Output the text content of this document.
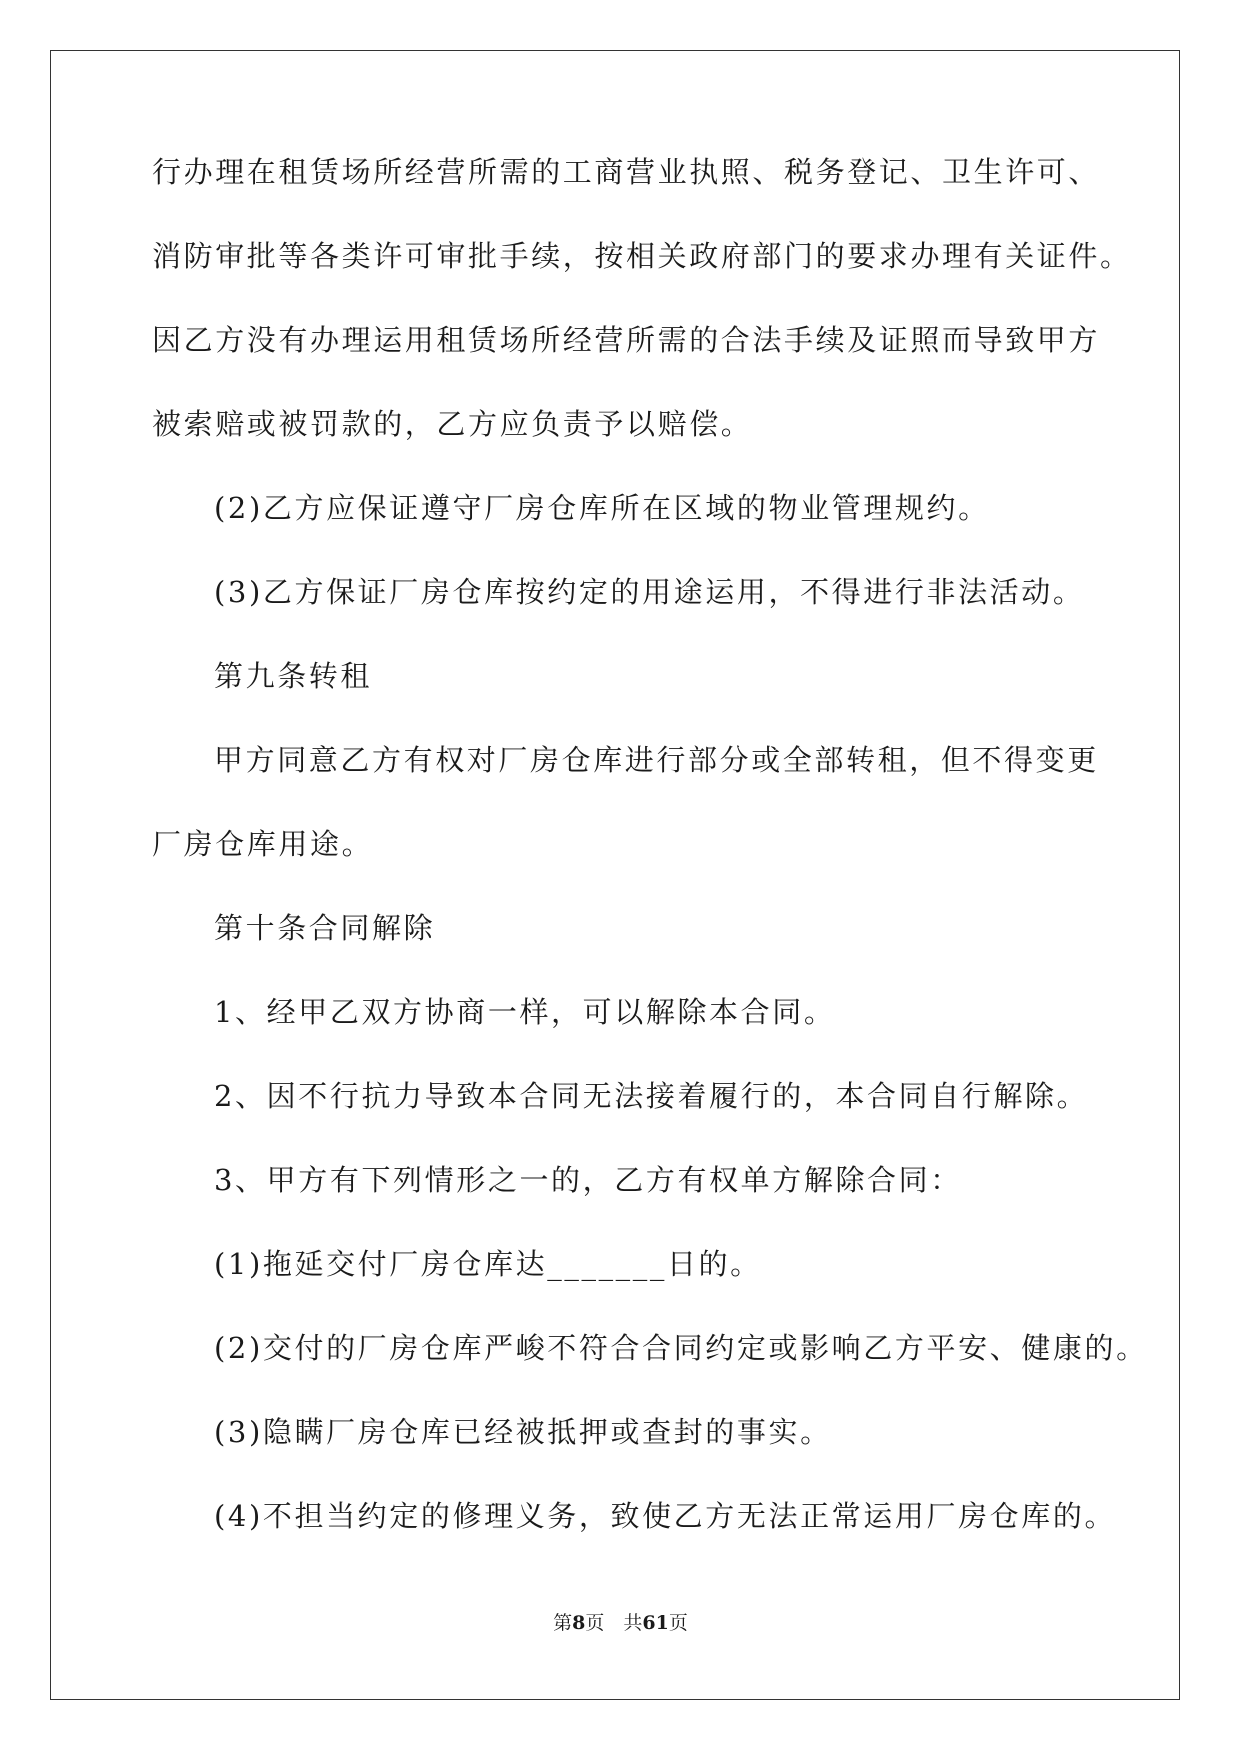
行办理在租赁场所经营所需的工商营业执照、税务登记、卫生许可、
消防审批等各类许可审批手续，按相关政府部门的要求办理有关证件。
因乙方没有办理运用租赁场所经营所需的合法手续及证照而导致甲方
被索赔或被罚款的，乙方应负责予以赔偿。
(2)乙方应保证遵守厂房仓库所在区域的物业管理规约。
(3)乙方保证厂房仓库按约定的用途运用，不得进行非法活动。
第九条转租
甲方同意乙方有权对厂房仓库进行部分或全部转租，但不得变更
厂房仓库用途。
第十条合同解除
1、经甲乙双方协商一样，可以解除本合同。
2、因不行抗力导致本合同无法接着履行的，本合同自行解除。
3、甲方有下列情形之一的，乙方有权单方解除合同：
(1)拖延交付厂房仓库达_______日的。
(2)交付的厂房仓库严峻不符合合同约定或影响乙方平安、健康的。
(3)隐瞒厂房仓库已经被抵押或查封的事实。
(4)不担当约定的修理义务，致使乙方无法正常运用厂房仓库的。
第8页　共61页
